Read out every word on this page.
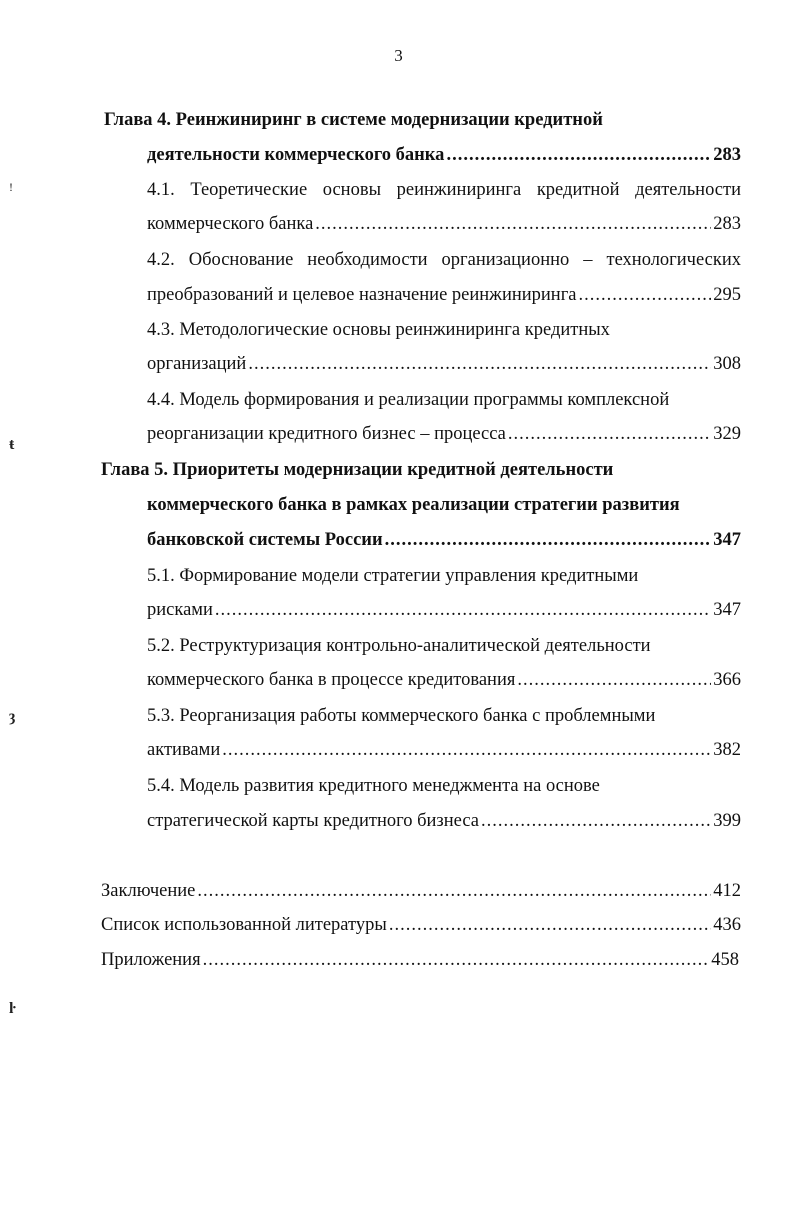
3
Глава 4. Реинжиниринг в системе модернизации кредитной
деятельности коммерческого банка .....	283
4.1. Теоретические основы реинжиниринга кредитной деятельности
коммерческого банка .....	283
4.2. Обоснование необходимости организационно – технологических
преобразований и целевое назначение реинжиниринга .....	295
4.3. Методологические основы реинжиниринга кредитных
организаций .....	308
4.4. Модель формирования и реализации программы комплексной
реорганизации кредитного бизнес – процесса .....	329
Глава 5. Приоритеты модернизации кредитной деятельности
коммерческого банка в рамках реализации стратегии развития
банковской системы России .....	347
5.1. Формирование модели стратегии управления кредитными
рисками .....	347
5.2. Реструктуризация контрольно-аналитической деятельности
коммерческого банка в процессе кредитования .....	366
5.3. Реорганизация работы коммерческого банка с проблемными
активами .....	382
5.4. Модель развития кредитного менеджмента на основе
стратегической карты кредитного бизнеса .....	399
Заключение .....	412
Список использованной литературы .....	436
Приложения .....	458
!
ŧ
ȝ
ŀ
